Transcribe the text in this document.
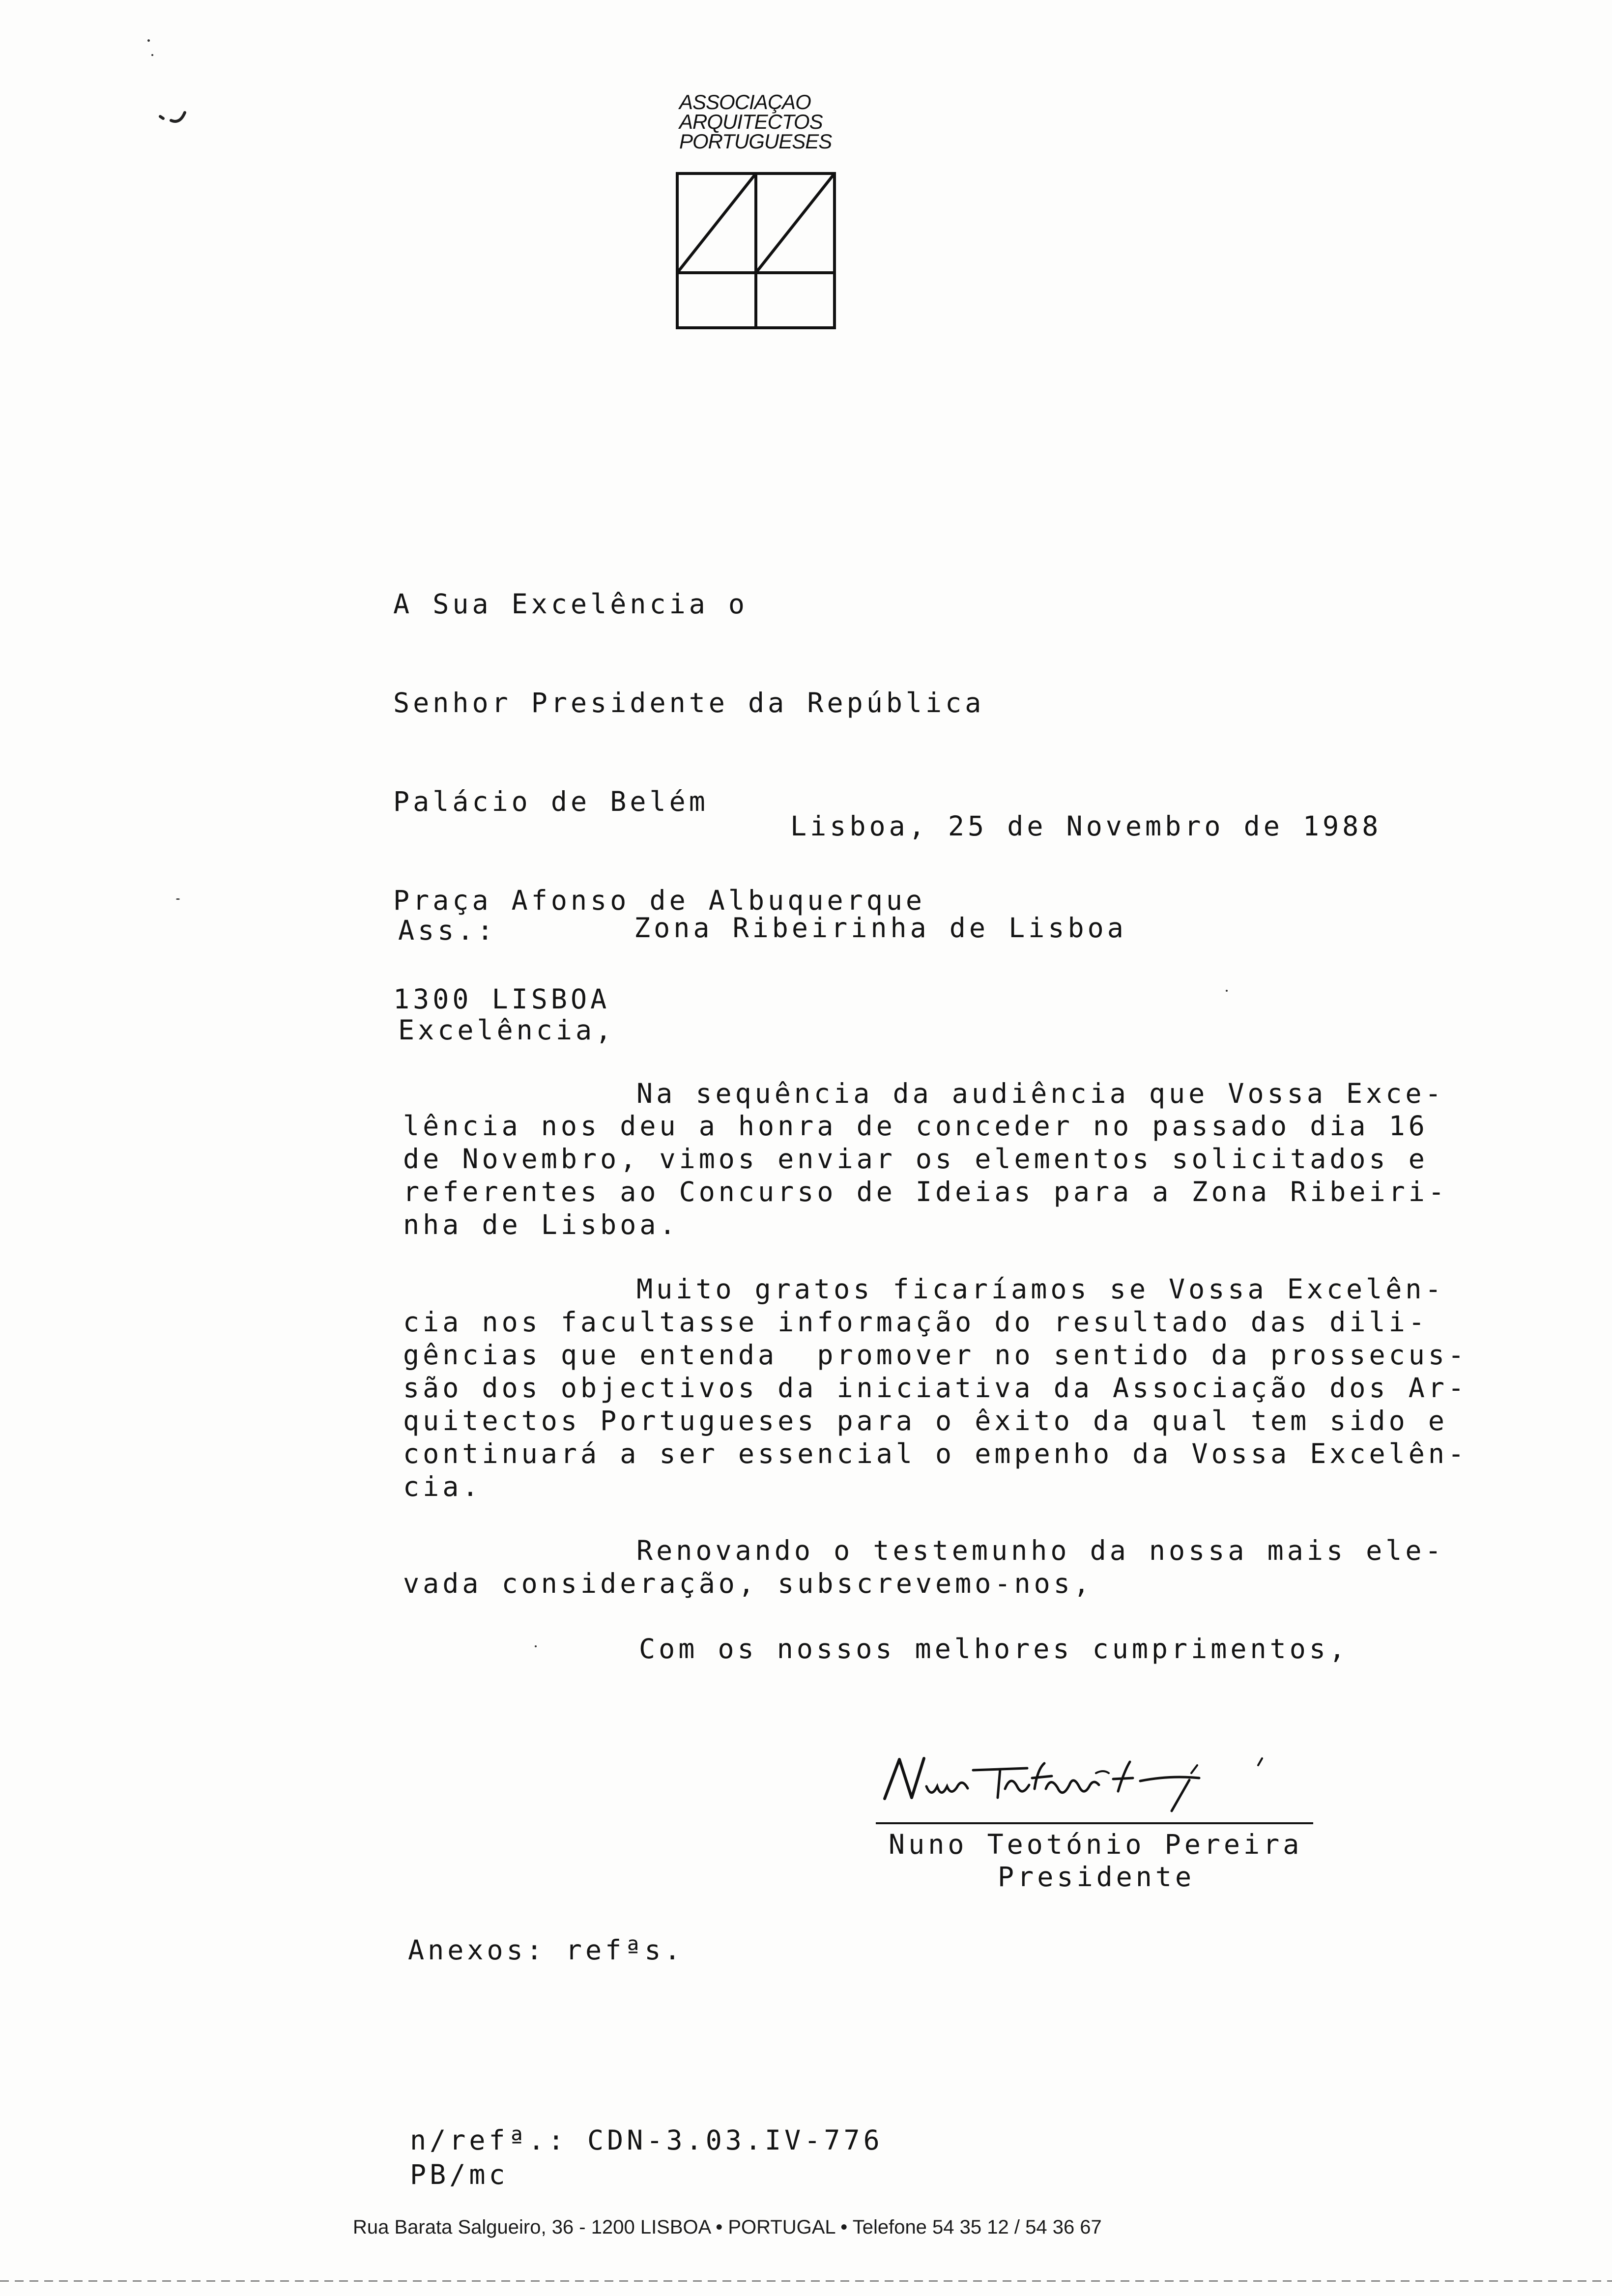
ASSOCIAÇAO
ARQUITECTOS
PORTUGUESES

A Sua Excelência o

Senhor Presidente da República

Palácio de Belém

Praça Afonso de Albuquerque

1300 LISBOA

Lisboa, 25 de Novembro de 1988
Ass.:	Zona Ribeirinha de Lisboa
Excelência,
Na sequência da audiência que Vossa Exce-
lência nos deu a honra de conceder no passado dia 16
de Novembro, vimos enviar os elementos solicitados e
referentes ao Concurso de Ideias para a Zona Ribeiri-
nha de Lisboa.
Muito gratos ficaríamos se Vossa Excelên-
cia nos facultasse informação do resultado das dili-
gências que entenda  promover no sentido da prossecus-
são dos objectivos da iniciativa da Associação dos Ar-
quitectos Portugueses para o êxito da qual tem sido e
continuará a ser essencial o empenho da Vossa Excelên-
cia.
Renovando o testemunho da nossa mais ele-
vada consideração, subscrevemo-nos,
Com os nossos melhores cumprimentos,
Nuno Teotónio Pereira
Presidente
Anexos: refªs.
n/refª.: CDN-3.03.IV-776
PB/mc
Rua Barata Salgueiro, 36 - 1200 LISBOA • PORTUGAL • Telefone 54 35 12 / 54 36 67
